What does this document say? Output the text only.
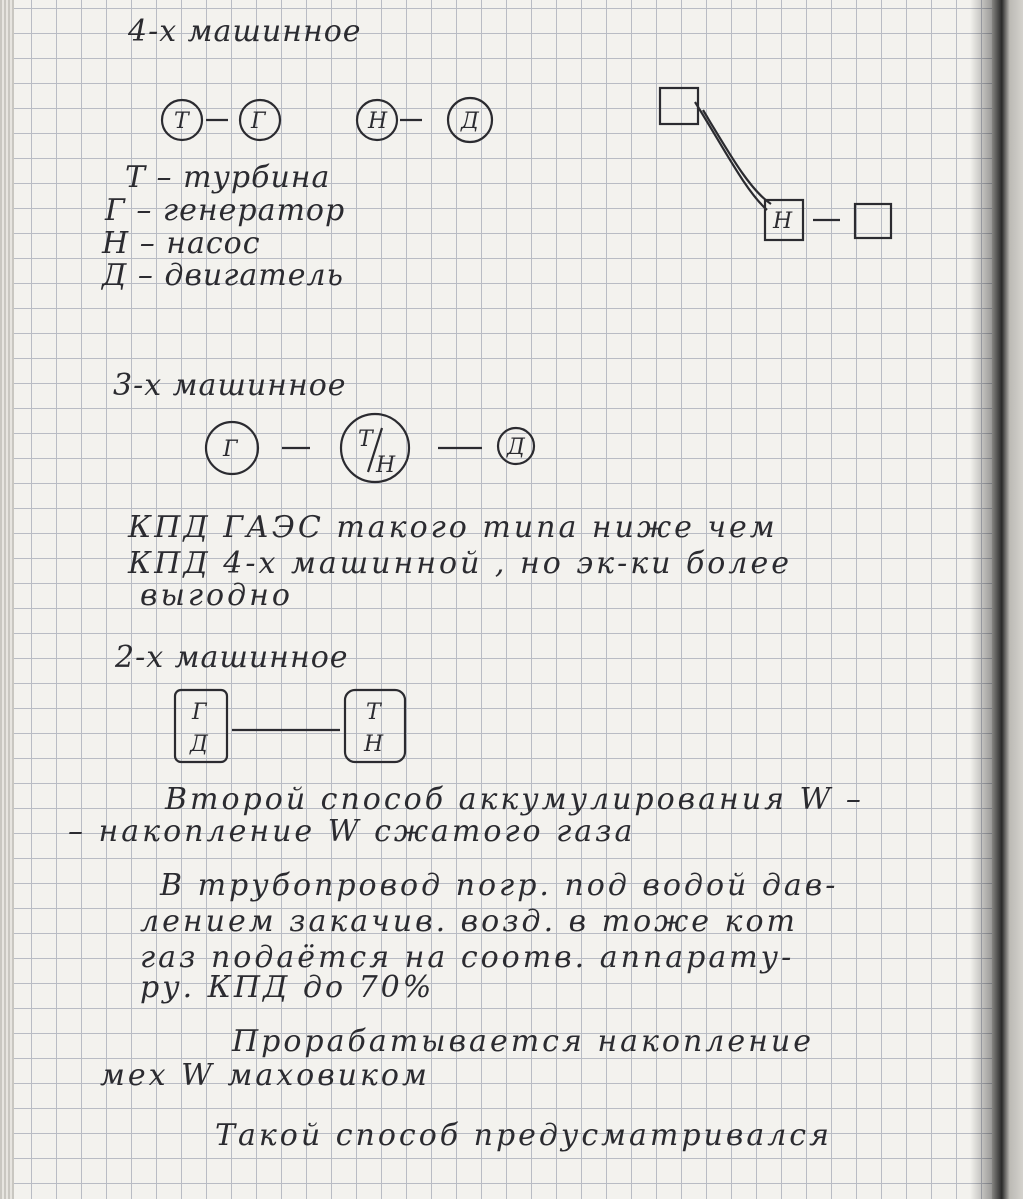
4-х машинное

Т	Г	Н	Д

Т – турбина

Г – генератор

Н – насос

Д – двигатель

Н

3-х машинное

Г	Т
Н
Д

КПД ГАЭС такого типа ниже чем

КПД 4-х машинной , но эк-ки более

выгодно

2-х машинное

Г
Д
Т
Н

Второй способ аккумулирования W –

– накопление W сжатого газа

В трубопровод погр. под водой дав-

лением закачив. возд. в тоже кот

газ подаётся на соотв. аппарату-

ру. КПД до 70%

Прорабатывается накопление

мех W маховиком

Такой способ предусматривался
